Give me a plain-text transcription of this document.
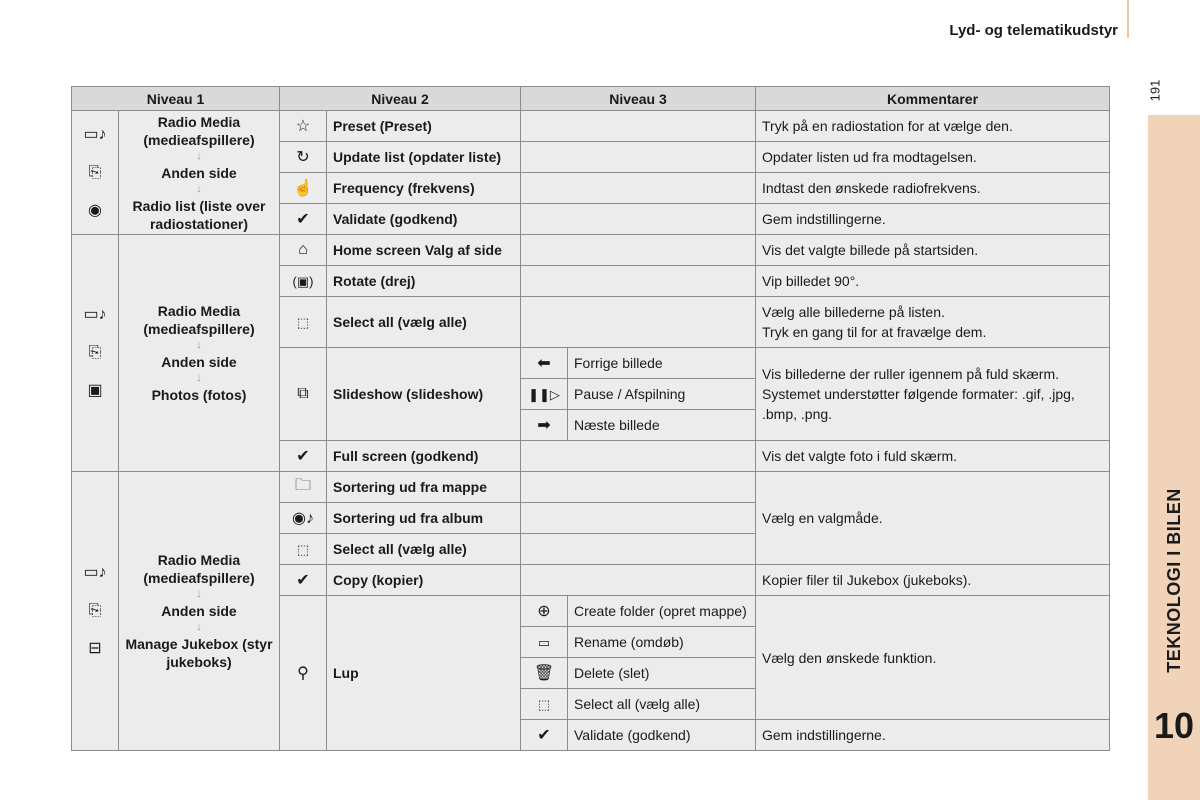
Lyd- og telematikudstyr
191
TEKNOLOGI I BILEN
10
Niveau 1		Niveau 2		Niveau 3		Kommentarer

▭♪
⎘
◉	Radio Media (medieafspillere)
↓
Anden side
↓
Radio list (liste over radiostationer)	☆	Preset (Preset)			Tryk på en radiostation for at vælge den.
		↻	Update list (opdater liste)			Opdater listen ud fra modtagelsen.
		☝	Frequency (frekvens)			Indtast den ønskede radiofrekvens.
		✔	Validate (godkend)			Gem indstillingerne.

▭♪
⎘
▣	Radio Media (medieafspillere)
↓
Anden side
↓
Photos (fotos)	⌂	Home screen Valg af side			Vis det valgte billede på startsiden.
		(▣)	Rotate (drej)			Vip billedet 90°.
		⬚	Select all (vælg alle)			Vælg alle billederne på listen.
Tryk en gang til for at fravælge dem.

		⧉	Slideshow (slideshow)	⬅	Forrige billede	Vis billederne der ruller igennem på fuld skærm. Systemet understøtter følgende formater: .gif, .jpg, .bmp, .png.
				❚❚▷	Pause / Afspilning	
				➡	Næste billede	
		✔	Full screen (godkend)			Vis det valgte foto i fuld skærm.

▭♪
⎘
⊟	Radio Media (medieafspillere)
↓
Anden side
↓
Manage Jukebox (styr jukeboks)	🗀	Sortering ud fra mappe			Vælg en valgmåde.
		◉♪	Sortering ud fra album			
		⬚	Select all (vælg alle)			
		✔	Copy (kopier)			Kopier filer til Jukebox (jukeboks).
		⚲	Lup	⊕	Create folder (opret mappe)	Vælg den ønskede funktion.
				▭	Rename (omdøb)	
				🗑	Delete (slet)	
				⬚	Select all (vælg alle)	
				✔	Validate (godkend)	Gem indstillingerne.
